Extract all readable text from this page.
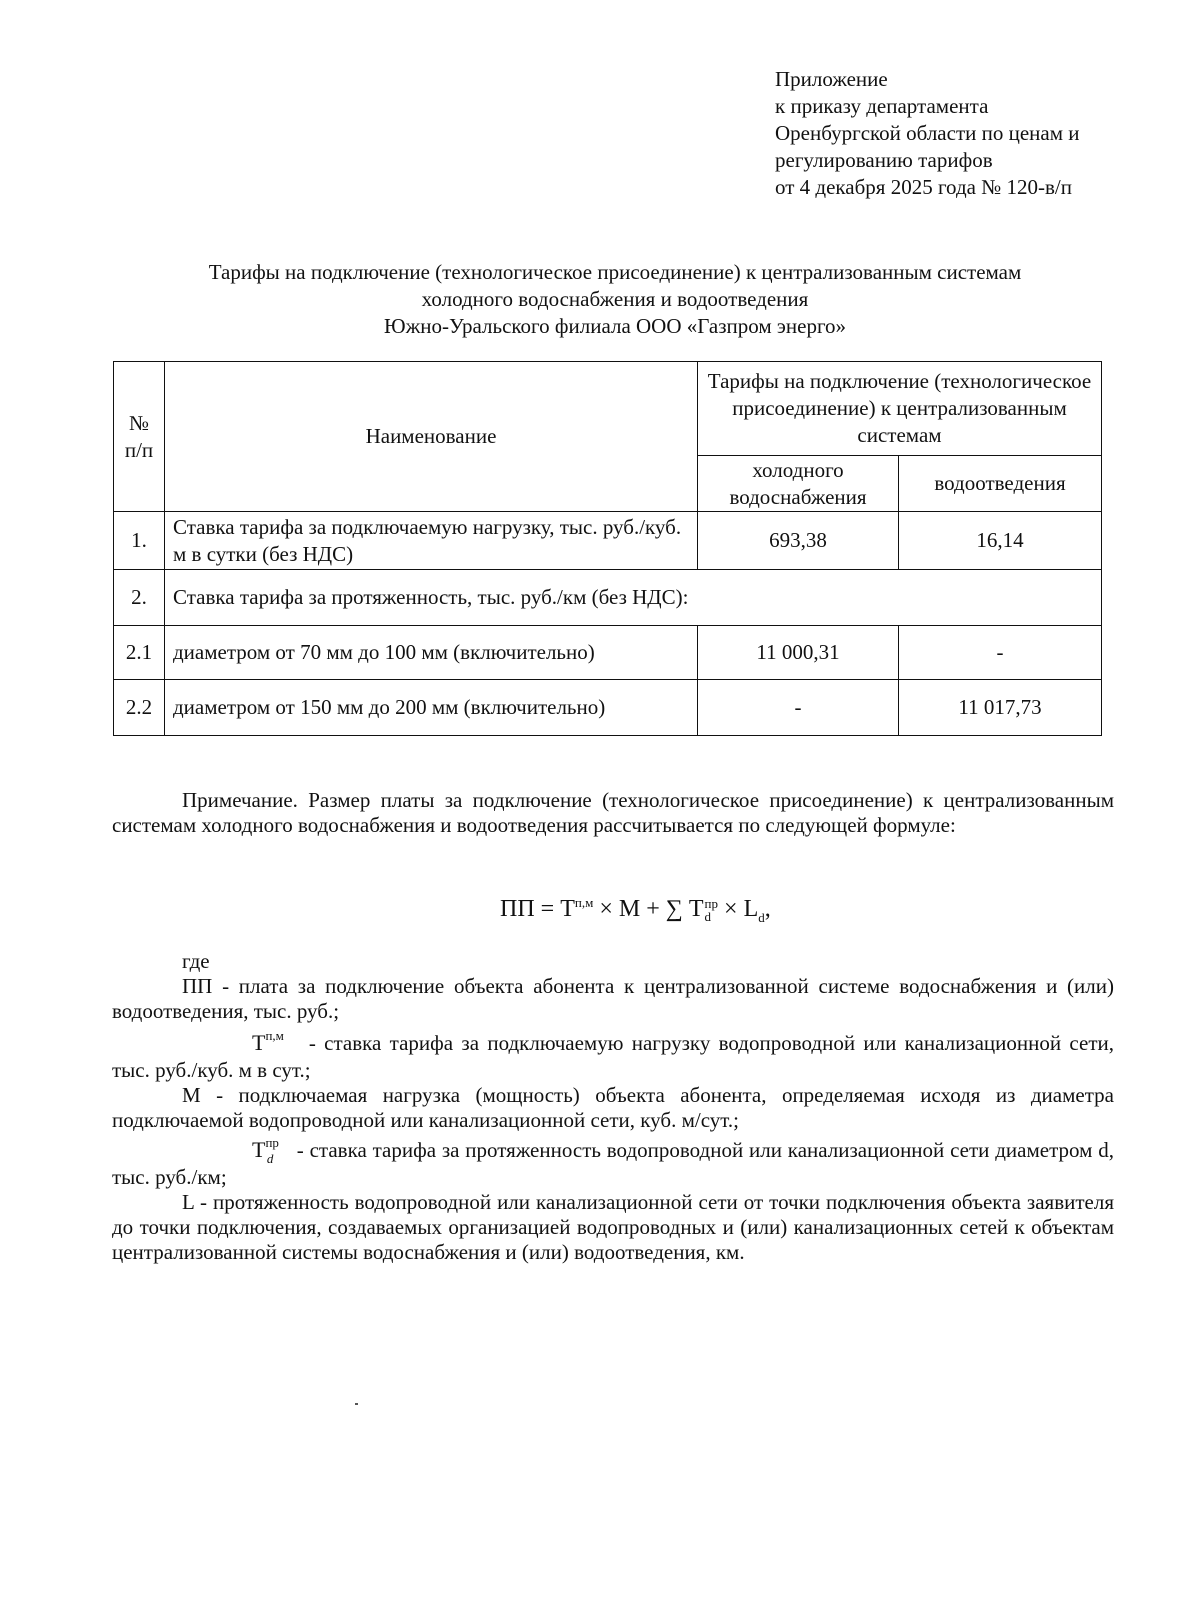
Приложение
к приказу департамента
Оренбургской области по ценам и
регулированию тарифов
от 4 декабря 2025 года № 120-в/п
Тарифы на подключение (технологическое присоединение) к централизованным системам
холодного водоснабжения и водоотведения
Южно-Уральского филиала ООО «Газпром энерго»
№ п/п	Наименование	Тарифы на подключение (технологическое присоединение) к централизованным системам	
		холодного водоснабжения	водоотведения
1.	Ставка тарифа за подключаемую нагрузку, тыс. руб./куб. м в сутки (без НДС)	693,38	16,14
2.	Ставка тарифа за протяженность, тыс. руб./км (без НДС):		
2.1	диаметром от 70 мм до 100 мм (включительно)	11 000,31	-
2.2	диаметром от 150 мм до 200 мм (включительно)	-	11 017,73

Примечание. Размер платы за подключение (технологическое присоединение) к централизованным системам холодного водоснабжения и водоотведения рассчитывается по следующей формуле:

ПП = $Т^{п,м} \times М$ + ∑ Т пр
$d \times L_d$,

где

ПП - плата за подключение объекта абонента к централизованной системе водоснабжения и (или) водоотведения, тыс. руб.;

$Т^{п,м}$ - ставка тарифа за подключаемую нагрузку водопроводной или канализационной сети, тыс. руб./куб. м в сут.;

М - подключаемая нагрузка (мощность) объекта абонента, определяемая исходя из диаметра подключаемой водопроводной или канализационной сети, куб. м/сут.;

$Т^{пр}_d$ - ставка тарифа за протяженность водопроводной или канализационной сети диаметром d, тыс. руб./км;

L - протяженность водопроводной или канализационной сети от точки подключения объекта заявителя до точки подключения, создаваемых организацией водопроводных и (или) канализационных сетей к объектам централизованной системы водоснабжения и (или) водоотведения, км.
